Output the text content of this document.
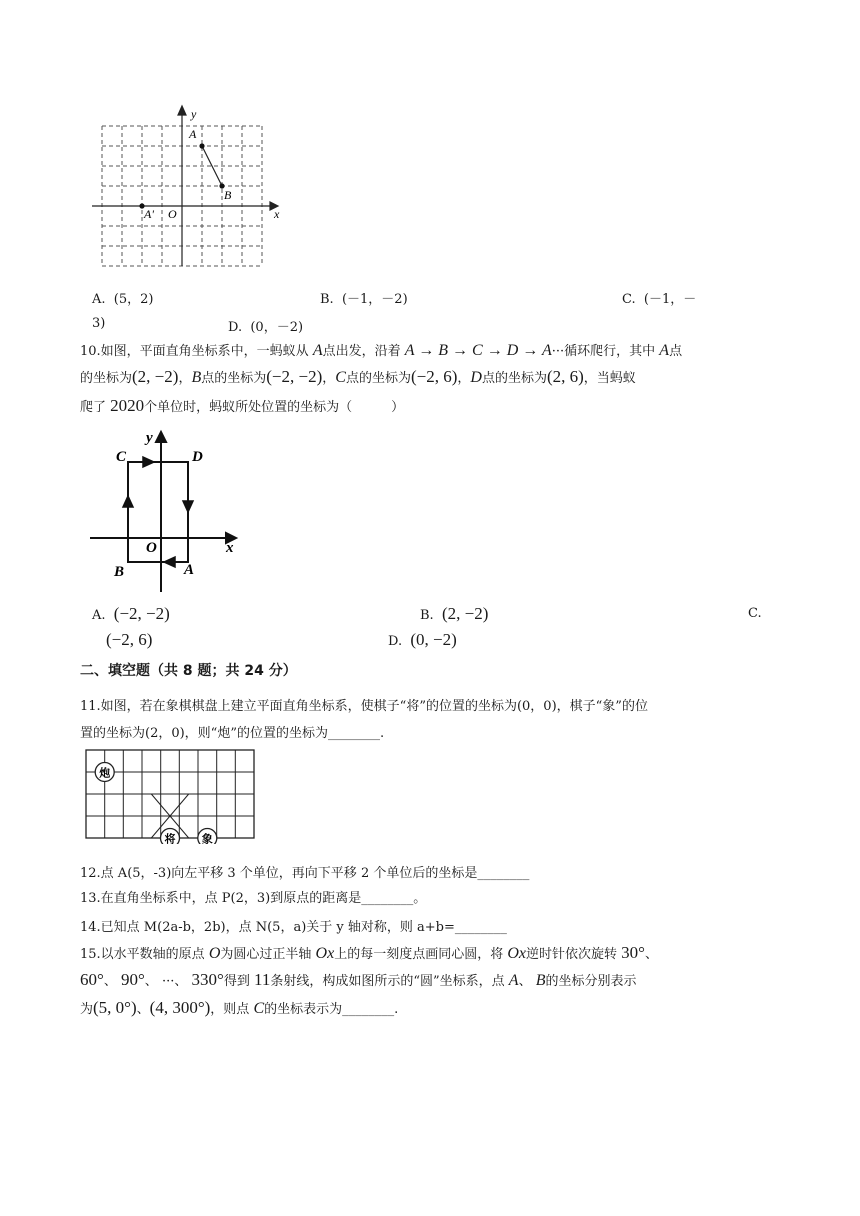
y
x
A
B
A' O
A. (5，2)	B. (－1，－2)	C. (－1，－
3)	D. (0，－2)
10.如图，平面直角坐标系中，一蚂蚁从 A点出发，沿着 A → B → C → D → A···循环爬行，其中 A点
的坐标为(2, −2)，B点的坐标为(−2, −2)，C点的坐标为(−2, 6)，D点的坐标为(2, 6)，当蚂蚁
爬了 2020个单位时，蚂蚁所处位置的坐标为（　　　）
y
x
C	D
O
B	A
A. (−2, −2)	B. (2, −2)	C.
(−2, 6)	D. (0, −2)
二、填空题（共 8 题；共 24 分）
11.如图，若在象棋棋盘上建立平面直角坐标系，使棋子“将”的位置的坐标为(0，0)，棋子“象”的位
置的坐标为(2，0)，则“炮”的位置的坐标为________.
炮
将 象
12.点 A(5，-3)向左平移 3 个单位，再向下平移 2 个单位后的坐标是________
13.在直角坐标系中，点 P(2，3)到原点的距离是________。
14.已知点 M(2a-b，2b)，点 N(5，a)关于 y 轴对称，则 a+b=________
15.以水平数轴的原点 O为圆心过正半轴 Ox上的每一刻度点画同心圆，将 Ox逆时针依次旋转 30°、
60°、 90°、 ···、 330°得到 11条射线，构成如图所示的“圆”坐标系，点 A、 B的坐标分别表示
为(5, 0°)、(4, 300°)，则点 C的坐标表示为________.
